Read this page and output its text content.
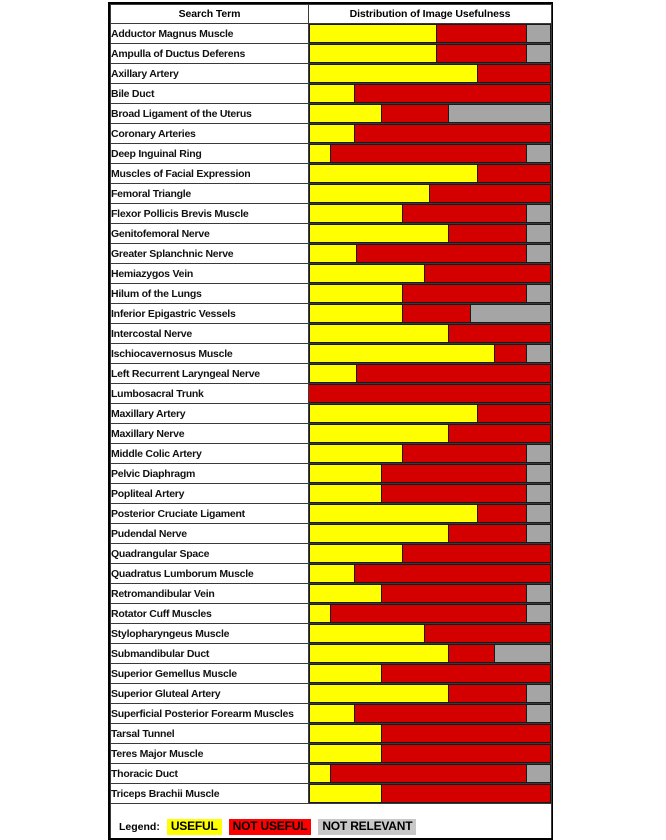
Search Term	Distribution of Image Usefulness
Adductor Magnus Muscle	

Ampulla of Ductus Deferens	

Axillary Artery	

Bile Duct	

Broad Ligament of the Uterus	

Coronary Arteries	

Deep Inguinal Ring	

Muscles of Facial Expression	

Femoral Triangle	

Flexor Pollicis Brevis Muscle	

Genitofemoral Nerve	

Greater Splanchnic Nerve	

Hemiazygos Vein	

Hilum of the Lungs	

Inferior Epigastric Vessels	

Intercostal Nerve	

Ischiocavernosus Muscle	

Left Recurrent Laryngeal Nerve	

Lumbosacral Trunk	

Maxillary Artery	

Maxillary Nerve	

Middle Colic Artery	

Pelvic Diaphragm	

Popliteal Artery	

Posterior Cruciate Ligament	

Pudendal Nerve	

Quadrangular Space	

Quadratus Lumborum Muscle	

Retromandibular Vein	

Rotator Cuff Muscles	

Stylopharyngeus Muscle	

Submandibular Duct	

Superior Gemellus Muscle	

Superior Gluteal Artery	

Superficial Posterior Forearm Muscles	

Tarsal Tunnel	

Teres Major Muscle	

Thoracic Duct	

Triceps Brachii Muscle	

Legend: USEFUL NOT USEFUL NOT RELEVANT	
